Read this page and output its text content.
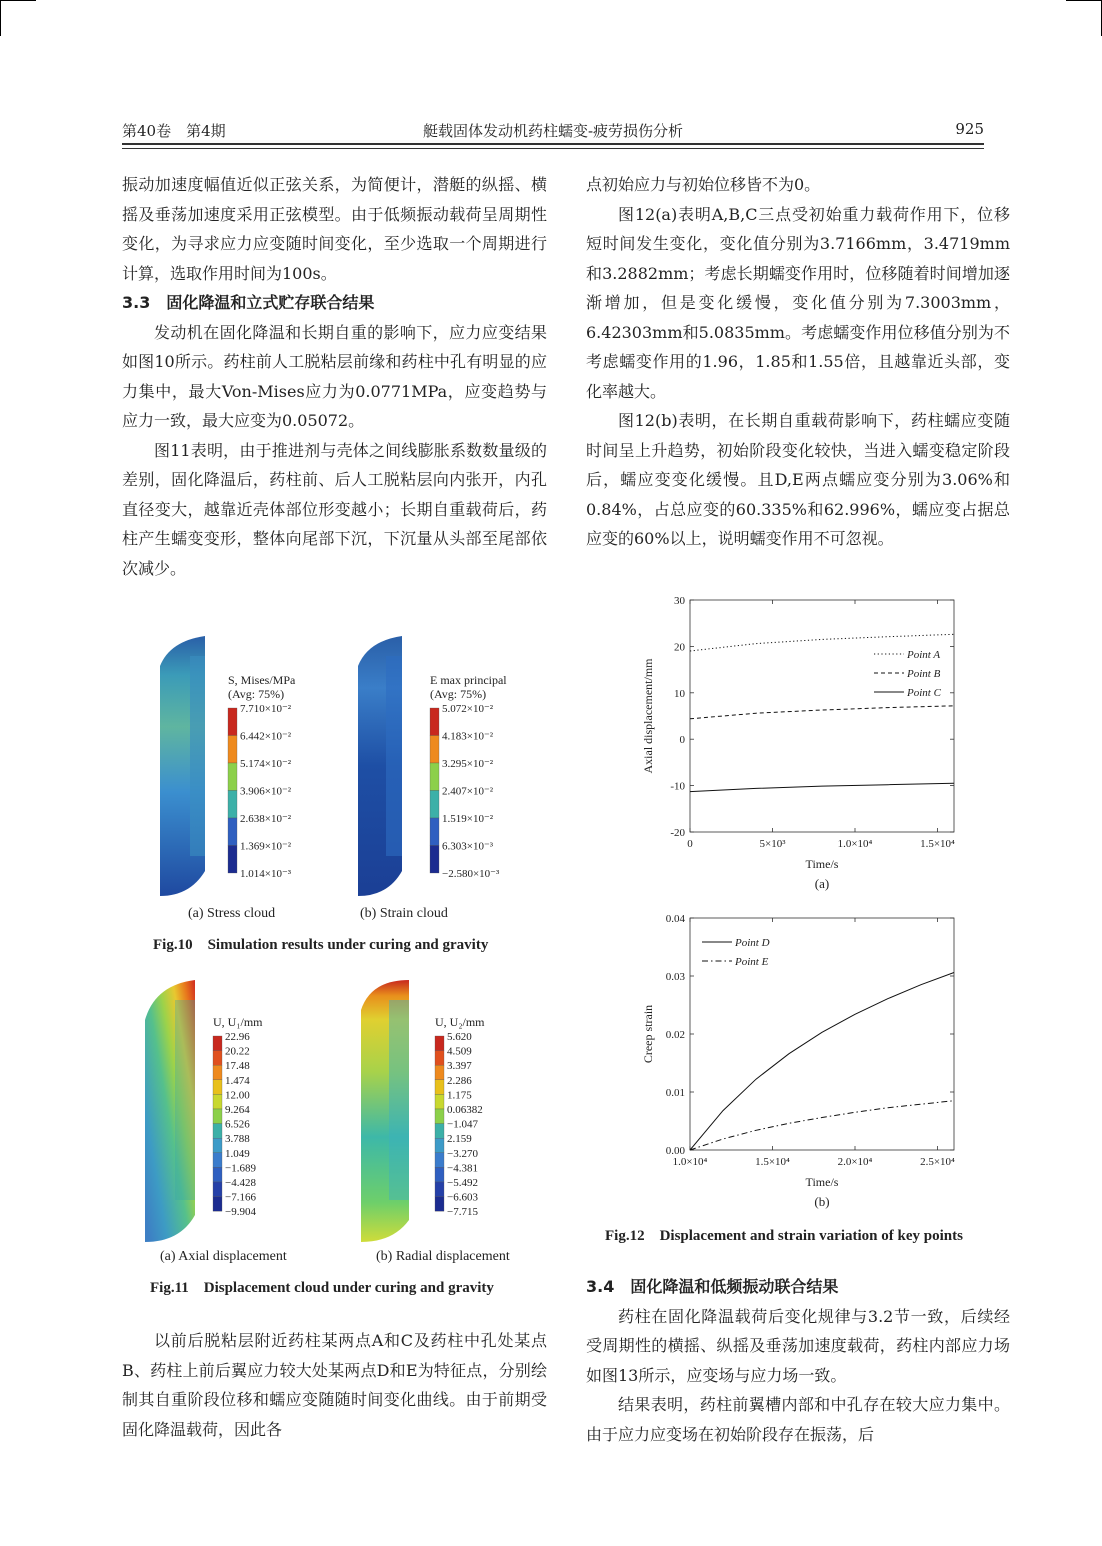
第40卷　第4期	艇载固体发动机药柱蠕变-疲劳损伤分析	925

振动加速度幅值近似正弦关系，为简便计，潜艇的纵摇、横摇及垂荡加速度采用正弦模型。由于低频振动载荷呈周期性变化，为寻求应力应变随时间变化，至少选取一个周期进行计算，选取作用时间为100s。

3.3　固化降温和立式贮存联合结果

发动机在固化降温和长期自重的影响下，应力应变结果如图10所示。药柱前人工脱粘层前缘和药柱中孔有明显的应力集中，最大Von-Mises应力为0.0771MPa，应变趋势与应力一致，最大应变为0.05072。

图11表明，由于推进剂与壳体之间线膨胀系数数量级的差别，固化降温后，药柱前、后人工脱粘层向内张开，内孔直径变大，越靠近壳体部位形变越小；长期自重载荷后，药柱产生蠕变变形，整体向尾部下沉，下沉量从头部至尾部依次减少。

S, Mises/MPa
(Avg: 75%)
7.710×10⁻²
6.442×10⁻²
5.174×10⁻²
3.906×10⁻²
2.638×10⁻²
1.369×10⁻²
1.014×10⁻³
E max principal
(Avg: 75%)
5.072×10⁻²
4.183×10⁻²
3.295×10⁻²
2.407×10⁻²
1.519×10⁻²
6.303×10⁻³
−2.580×10⁻³
(a) Stress cloud	(b) Strain cloud
Fig.10　Simulation results under curing and gravity
U, U₁/mm
22.96
20.22
17.48
1.474
12.00
9.264
6.526
3.788
1.049
−1.689
−4.428
−7.166
−9.904
U, U₂/mm
5.620
4.509
3.397
2.286
1.175
0.06382
−1.047
2.159
−3.270
−4.381
−5.492
−6.603
−7.715
(a) Axial displacement	(b) Radial displacement
Fig.11　Displacement cloud under curing and gravity

以前后脱粘层附近药柱某两点A和C及药柱中孔处某点B、药柱上前后翼应力较大处某两点D和E为特征点，分别绘制其自重阶段位移和蠕应变随随时间变化曲线。由于前期受固化降温载荷，因此各

点初始应力与初始位移皆不为0。

图12(a)表明A,B,C三点受初始重力载荷作用下，位移短时间发生变化，变化值分别为3.7166mm，3.4719mm和3.2882mm；考虑长期蠕变作用时，位移随着时间增加逐渐增加，但是变化缓慢，变化值分别为7.3003mm，6.42303mm和5.0835mm。考虑蠕变作用位移值分别为不考虑蠕变作用的1.96，1.85和1.55倍，且越靠近头部，变化率越大。

图12(b)表明，在长期自重载荷影响下，药柱蠕应变随时间呈上升趋势，初始阶段变化较快，当进入蠕变稳定阶段后，蠕应变变化缓慢。且D,E两点蠕应变分别为3.06%和0.84%，占总应变的60.335%和62.996%，蠕应变占据总应变的60%以上，说明蠕变作用不可忽视。

0	5×10³	1.0×10⁴	1.5×10⁴
-20
-10
0
10
20
30
Time/s
Axial displacement/mm
(a)
Point A
Point B
Point C
1.0×10⁴	1.5×10⁴	2.0×10⁴	2.5×10⁴
0.00
0.01
0.02
0.03
0.04
Time/s
Creep strain
(b)
Point D
Point E
Fig.12　Displacement and strain variation of key points

3.4　固化降温和低频振动联合结果

药柱在固化降温载荷后变化规律与3.2节一致，后续经受周期性的横摇、纵摇及垂荡加速度载荷，药柱内部应力场如图13所示，应变场与应力场一致。

结果表明，药柱前翼槽内部和中孔存在较大应力集中。由于应力应变场在初始阶段存在振荡，后
